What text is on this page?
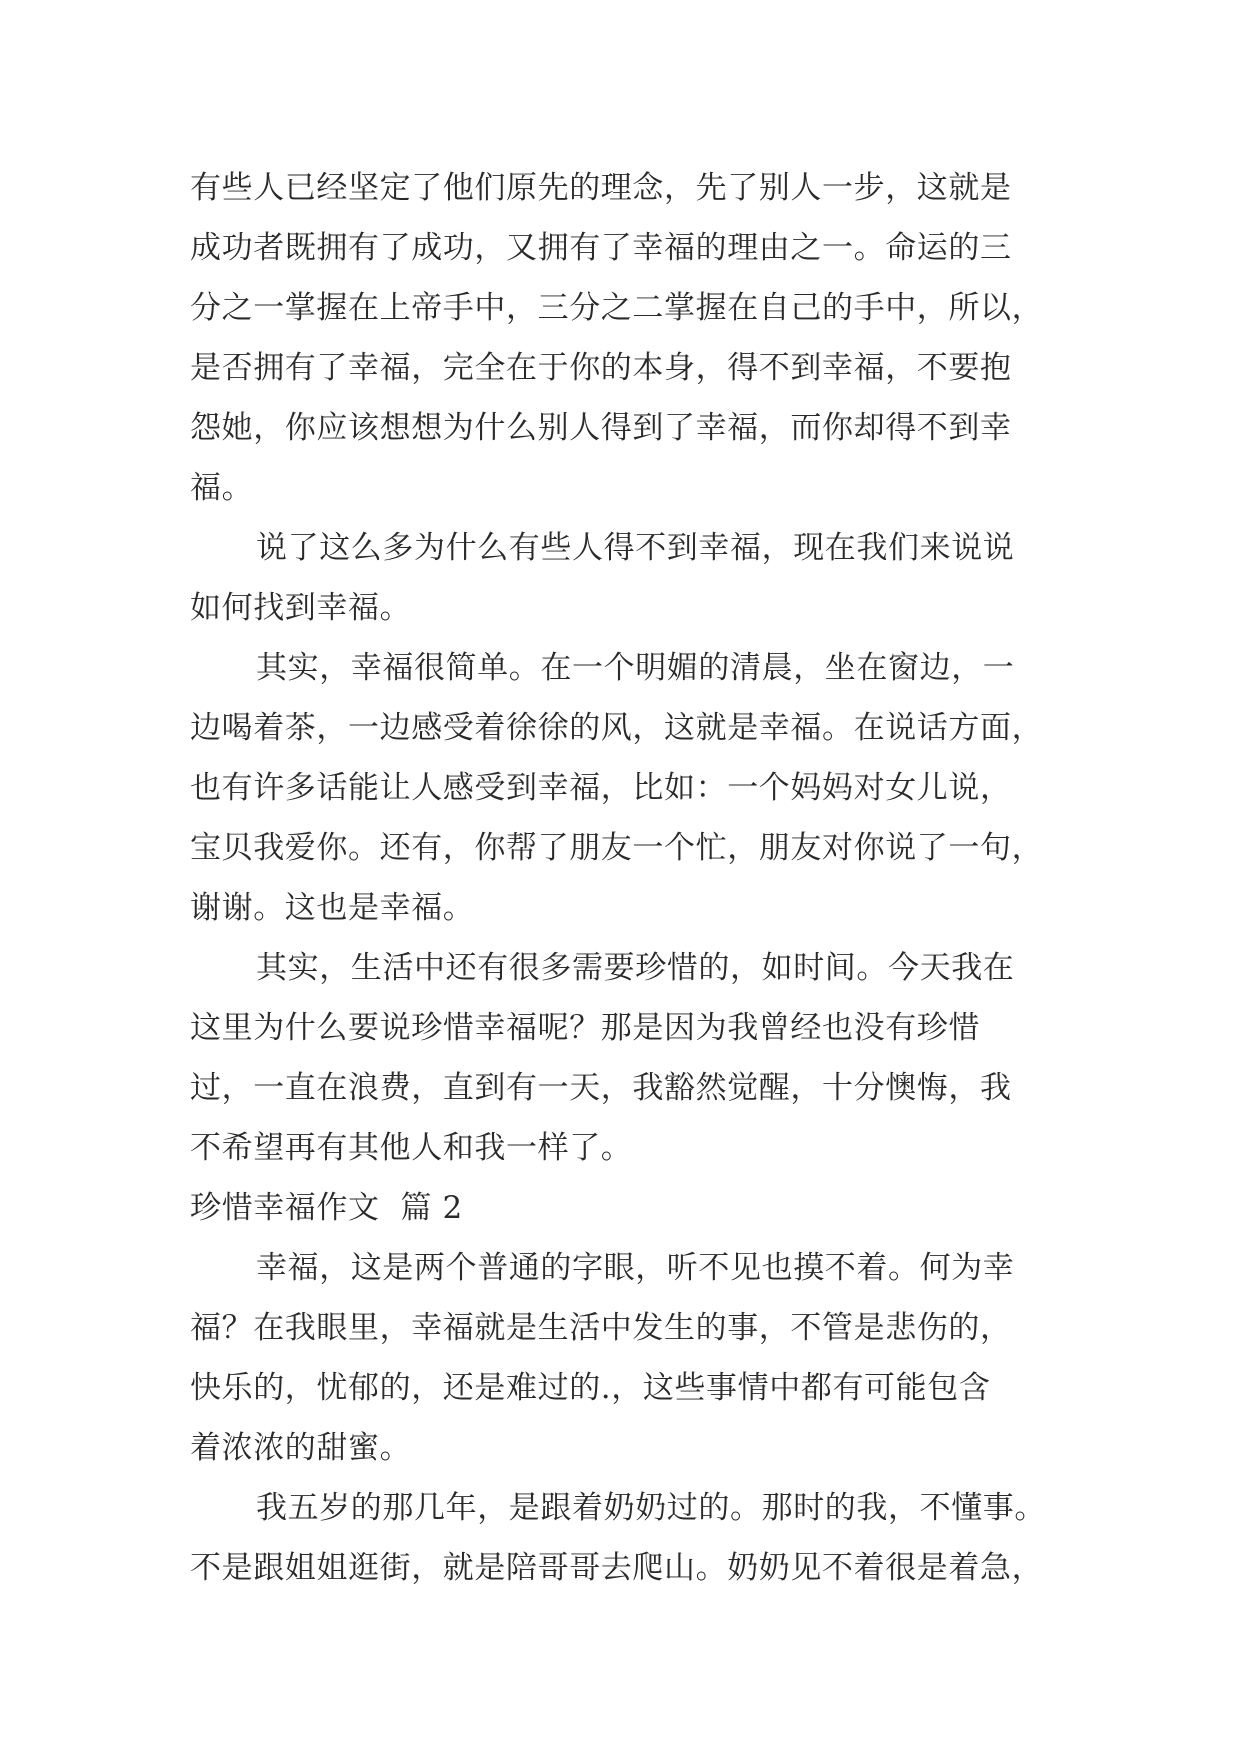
有些人已经坚定了他们原先的理念，先了别人一步，这就是
成功者既拥有了成功，又拥有了幸福的理由之一。命运的三
分之一掌握在上帝手中，三分之二掌握在自己的手中，所以，
是否拥有了幸福，完全在于你的本身，得不到幸福，不要抱
怨她，你应该想想为什么别人得到了幸福，而你却得不到幸
福。
说了这么多为什么有些人得不到幸福，现在我们来说说
如何找到幸福。
其实，幸福很简单。在一个明媚的清晨，坐在窗边，一
边喝着茶，一边感受着徐徐的风，这就是幸福。在说话方面，
也有许多话能让人感受到幸福，比如：一个妈妈对女儿说，
宝贝我爱你。还有，你帮了朋友一个忙，朋友对你说了一句，
谢谢。这也是幸福。
其实，生活中还有很多需要珍惜的，如时间。今天我在
这里为什么要说珍惜幸福呢？那是因为我曾经也没有珍惜
过，一直在浪费，直到有一天，我豁然觉醒，十分懊悔，我
不希望再有其他人和我一样了。
珍惜幸福作文  篇 2
幸福，这是两个普通的字眼，听不见也摸不着。何为幸
福？在我眼里，幸福就是生活中发生的事，不管是悲伤的，
快乐的，忧郁的，还是难过的.，这些事情中都有可能包含
着浓浓的甜蜜。
我五岁的那几年，是跟着奶奶过的。那时的我，不懂事。
不是跟姐姐逛街，就是陪哥哥去爬山。奶奶见不着很是着急，
